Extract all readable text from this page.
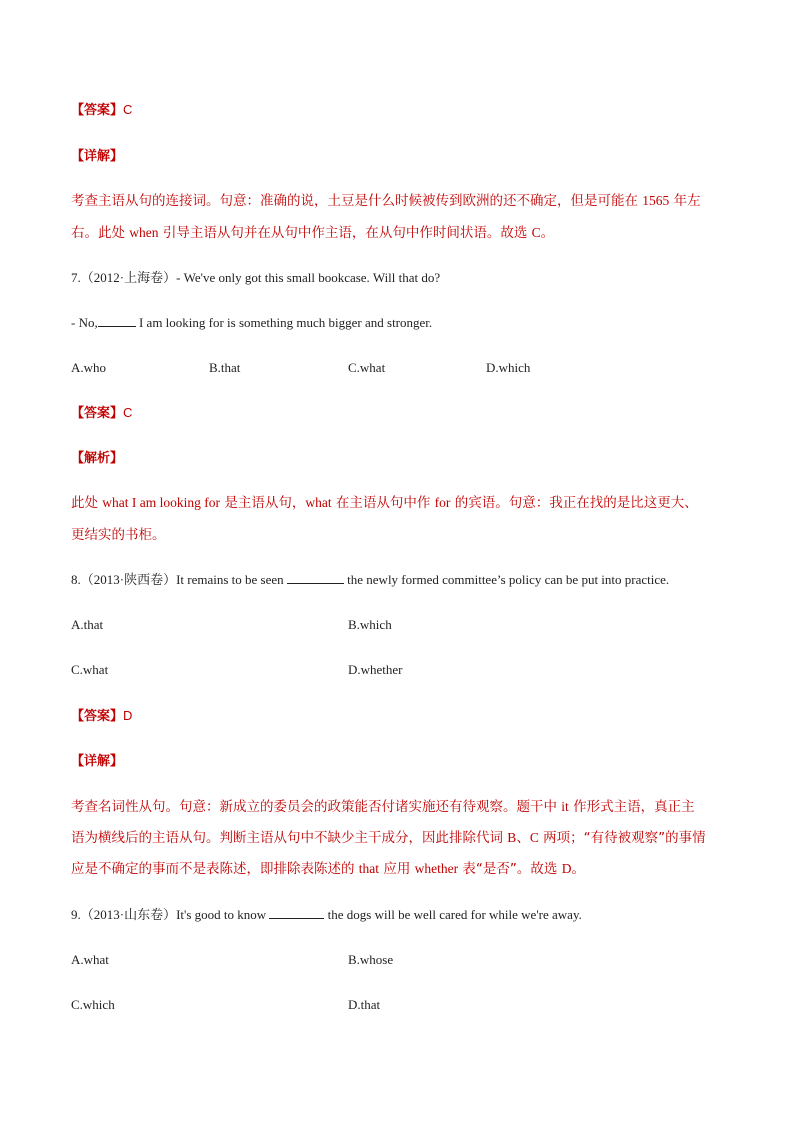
【答案】C
【详解】
考查主语从句的连接词。句意：准确的说，土豆是什么时候被传到欧洲的还不确定，但是可能在 1565 年左
右。此处 when 引导主语从句并在从句中作主语，在从句中作时间状语。故选 C。
7.（2012·上海卷）- We've only got this small bookcase. Will that do?
- No,	I am looking for is something much bigger and stronger.
A.who	B.that	C.what	D.which
【答案】C
【解析】
此处 what I am looking for 是主语从句，what 在主语从句中作 for 的宾语。句意：我正在找的是比这更大、
更结实的书柜。
8.（2013·陕西卷）It remains to be seen	the newly formed committee’s policy can be put into practice.
A.that	B.which
C.what	D.whether
【答案】D
【详解】
考查名词性从句。句意：新成立的委员会的政策能否付诸实施还有待观察。题干中 it 作形式主语，真正主
语为横线后的主语从句。判断主语从句中不缺少主干成分，因此排除代词 B、C 两项；“有待被观察”的事情
应是不确定的事而不是表陈述，即排除表陈述的 that 应用 whether 表“是否”。故选 D。
9.（2013·山东卷）It's good to know	the dogs will be well cared for while we're away.
A.what	B.whose
C.which	D.that
